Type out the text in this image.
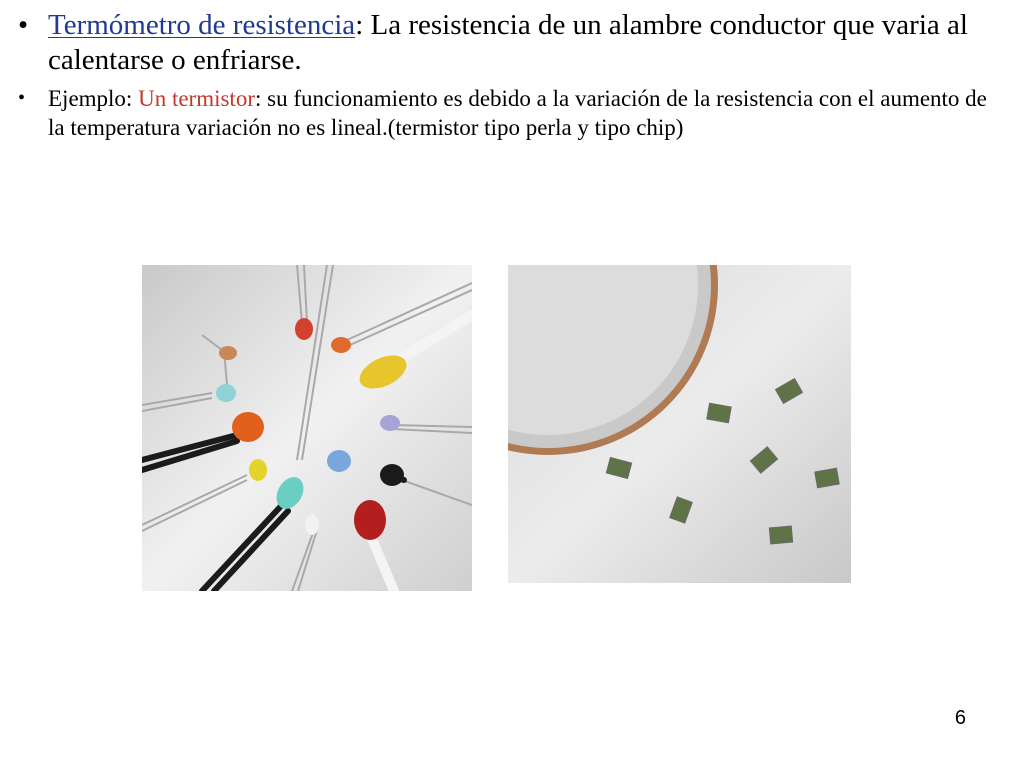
• Termómetro de resistencia: La resistencia de un alambre conductor que varia al calentarse o enfriarse.
• Ejemplo: Un termistor: su funcionamiento es debido a la variación de la resistencia con el aumento de la temperatura variación no es lineal.(termistor tipo perla y tipo chip)
6
